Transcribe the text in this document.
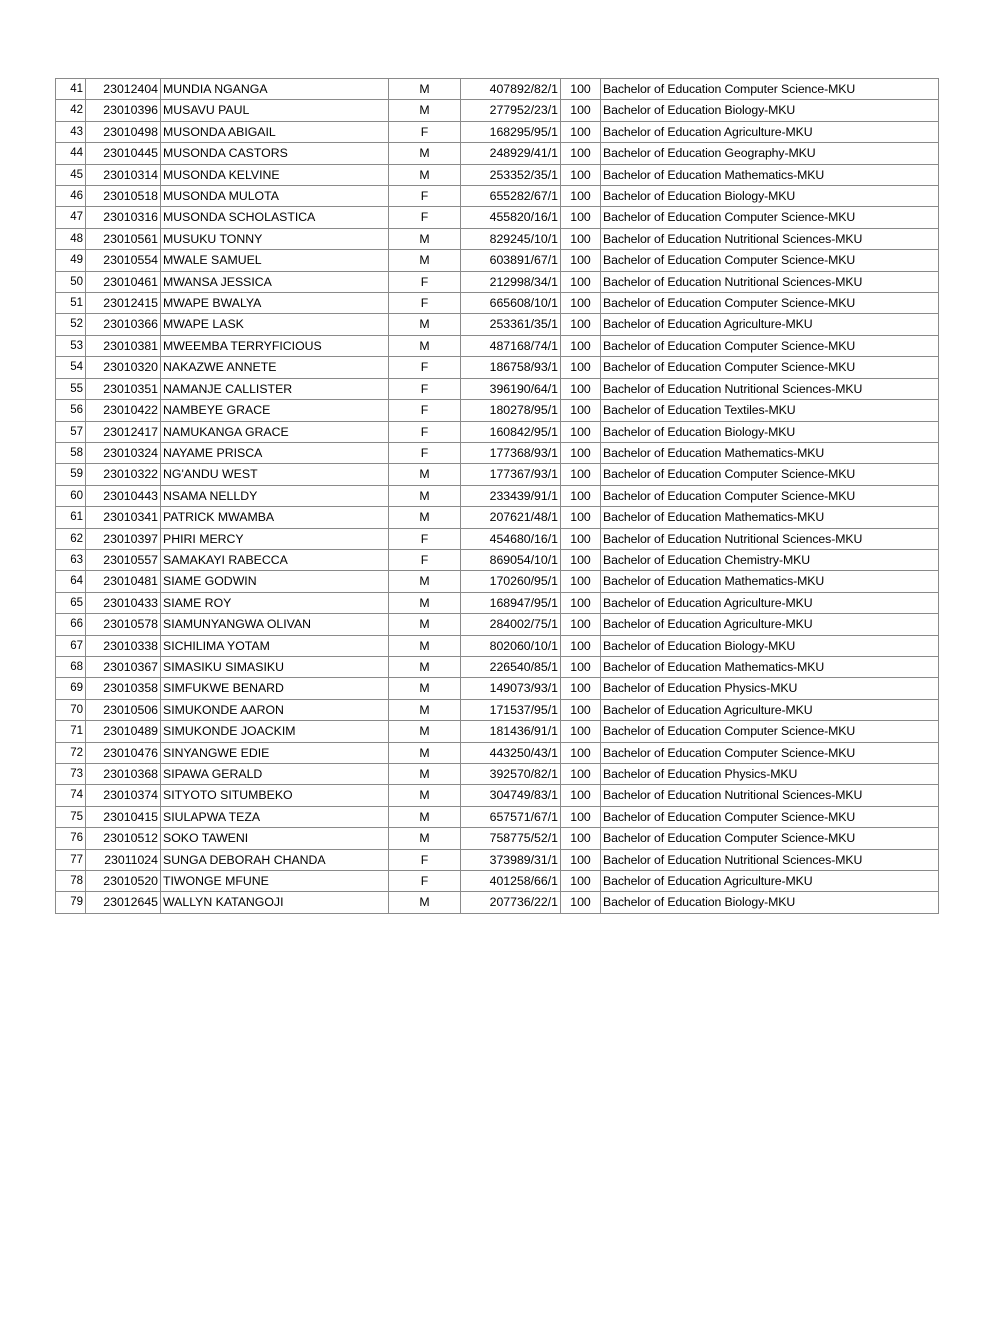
41	23012404	MUNDIA NGANGA	M	407892/82/1	100	Bachelor of Education Computer Science-MKU
42	23010396	MUSAVU PAUL	M	277952/23/1	100	Bachelor of Education Biology-MKU
43	23010498	MUSONDA ABIGAIL	F	168295/95/1	100	Bachelor of Education Agriculture-MKU
44	23010445	MUSONDA CASTORS	M	248929/41/1	100	Bachelor of Education Geography-MKU
45	23010314	MUSONDA KELVINE	M	253352/35/1	100	Bachelor of Education Mathematics-MKU
46	23010518	MUSONDA MULOTA	F	655282/67/1	100	Bachelor of Education Biology-MKU
47	23010316	MUSONDA SCHOLASTICA	F	455820/16/1	100	Bachelor of Education Computer Science-MKU
48	23010561	MUSUKU TONNY	M	829245/10/1	100	Bachelor of Education Nutritional Sciences-MKU
49	23010554	MWALE SAMUEL	M	603891/67/1	100	Bachelor of Education Computer Science-MKU
50	23010461	MWANSA JESSICA	F	212998/34/1	100	Bachelor of Education Nutritional Sciences-MKU
51	23012415	MWAPE BWALYA	F	665608/10/1	100	Bachelor of Education Computer Science-MKU
52	23010366	MWAPE LASK	M	253361/35/1	100	Bachelor of Education Agriculture-MKU
53	23010381	MWEEMBA TERRYFICIOUS	M	487168/74/1	100	Bachelor of Education Computer Science-MKU
54	23010320	NAKAZWE ANNETE	F	186758/93/1	100	Bachelor of Education Computer Science-MKU
55	23010351	NAMANJE CALLISTER	F	396190/64/1	100	Bachelor of Education Nutritional Sciences-MKU
56	23010422	NAMBEYE GRACE	F	180278/95/1	100	Bachelor of Education Textiles-MKU
57	23012417	NAMUKANGA GRACE	F	160842/95/1	100	Bachelor of Education Biology-MKU
58	23010324	NAYAME PRISCA	F	177368/93/1	100	Bachelor of Education Mathematics-MKU
59	23010322	NG'ANDU WEST	M	177367/93/1	100	Bachelor of Education Computer Science-MKU
60	23010443	NSAMA NELLDY	M	233439/91/1	100	Bachelor of Education Computer Science-MKU
61	23010341	PATRICK MWAMBA	M	207621/48/1	100	Bachelor of Education Mathematics-MKU
62	23010397	PHIRI MERCY	F	454680/16/1	100	Bachelor of Education Nutritional Sciences-MKU
63	23010557	SAMAKAYI RABECCA	F	869054/10/1	100	Bachelor of Education Chemistry-MKU
64	23010481	SIAME GODWIN	M	170260/95/1	100	Bachelor of Education Mathematics-MKU
65	23010433	SIAME ROY	M	168947/95/1	100	Bachelor of Education Agriculture-MKU
66	23010578	SIAMUNYANGWA OLIVAN	M	284002/75/1	100	Bachelor of Education Agriculture-MKU
67	23010338	SICHILIMA YOTAM	M	802060/10/1	100	Bachelor of Education Biology-MKU
68	23010367	SIMASIKU SIMASIKU	M	226540/85/1	100	Bachelor of Education Mathematics-MKU
69	23010358	SIMFUKWE BENARD	M	149073/93/1	100	Bachelor of Education Physics-MKU
70	23010506	SIMUKONDE AARON	M	171537/95/1	100	Bachelor of Education Agriculture-MKU
71	23010489	SIMUKONDE JOACKIM	M	181436/91/1	100	Bachelor of Education Computer Science-MKU
72	23010476	SINYANGWE EDIE	M	443250/43/1	100	Bachelor of Education Computer Science-MKU
73	23010368	SIPAWA GERALD	M	392570/82/1	100	Bachelor of Education Physics-MKU
74	23010374	SITYOTO SITUMBEKO	M	304749/83/1	100	Bachelor of Education Nutritional Sciences-MKU
75	23010415	SIULAPWA TEZA	M	657571/67/1	100	Bachelor of Education Computer Science-MKU
76	23010512	SOKO TAWENI	M	758775/52/1	100	Bachelor of Education Computer Science-MKU
77	23011024	SUNGA DEBORAH CHANDA	F	373989/31/1	100	Bachelor of Education Nutritional Sciences-MKU
78	23010520	TIWONGE MFUNE	F	401258/66/1	100	Bachelor of Education Agriculture-MKU
79	23012645	WALLYN KATANGOJI	M	207736/22/1	100	Bachelor of Education Biology-MKU
